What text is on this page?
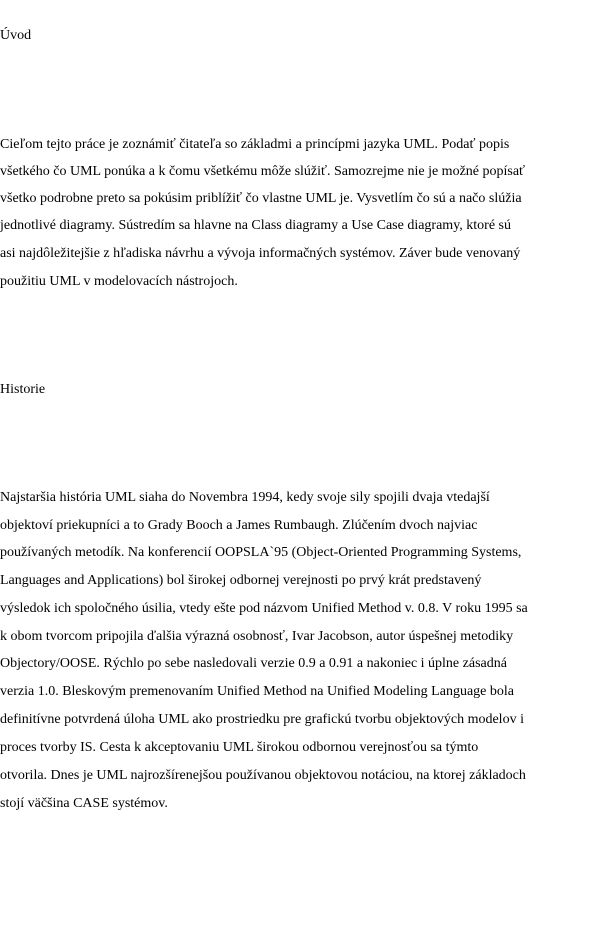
Úvod
Cieľom tejto práce je zoznámiť čitateľa so základmi a princípmi jazyka UML. Podať popis
všetkého čo UML ponúka a k čomu všetkému môže slúžiť. Samozrejme nie je možné popísať
všetko podrobne preto sa pokúsim priblížiť čo vlastne UML je. Vysvetlím čo sú a načo slúžia
jednotlivé diagramy. Sústredím sa hlavne na Class diagramy a Use Case diagramy, ktoré sú
asi najdôležitejšie z hľadiska návrhu a vývoja informačných systémov. Záver bude venovaný
použitiu UML v modelovacích nástrojoch.
Historie
Najstaršia história UML siaha do Novembra 1994, kedy svoje sily spojili dvaja vtedajší
objektoví priekupníci a to Grady Booch a James Rumbaugh. Zlúčením dvoch najviac
používaných metodík. Na konferencií OOPSLA`95 (Object-Oriented Programming Systems,
Languages and Applications) bol širokej odbornej verejnosti po prvý krát predstavený
výsledok ich spoločného úsilia, vtedy ešte pod názvom Unified Method v. 0.8. V roku 1995 sa
k obom tvorcom pripojila ďalšia výrazná osobnosť, Ivar Jacobson, autor úspešnej metodiky
Objectory/OOSE. Rýchlo po sebe nasledovali verzie 0.9 a 0.91 a nakoniec i úplne zásadná
verzia 1.0. Bleskovým premenovaním Unified Method na Unified Modeling Language bola
definitívne potvrdená úloha UML ako prostriedku pre grafickú tvorbu objektových modelov i
proces tvorby IS. Cesta k akceptovaniu UML širokou odbornou verejnosťou sa týmto
otvorila. Dnes je UML najrozšírenejšou používanou objektovou notáciou, na ktorej základoch
stojí väčšina CASE systémov.
